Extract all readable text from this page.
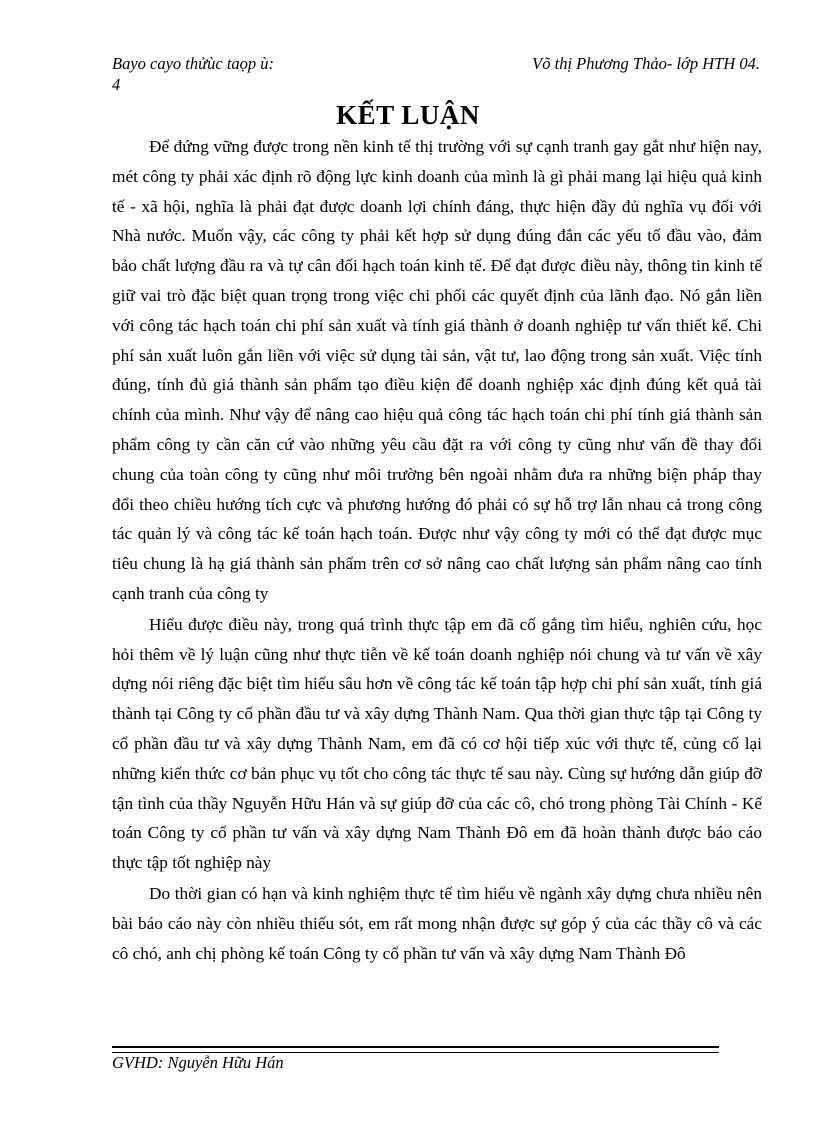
Bayo cayo thửùc taọp ù:	Võ thị Phương Thảo- lớp HTH 04.
4
KẾT LUẬN

Để đứng vững được trong nền kinh tế thị trường với sự cạnh tranh gay gắt như hiện nay, mét công ty phải xác định rõ động lực kinh doanh của mình là gì phải mang lại hiệu quả kinh tế - xã hội, nghĩa là phải đạt được doanh lợi chính đáng, thực hiện đầy đủ nghĩa vụ đối với Nhà nước. Muốn vậy, các công ty phải kết hợp sử dụng đúng đắn các yếu tố đầu vào, đảm bảo chất lượng đầu ra và tự cân đối hạch toán kinh tế. Để đạt được điều này, thông tin kinh tế giữ vai trò đặc biệt quan trọng trong việc chi phối các quyết định của lãnh đạo. Nó gắn liền với công tác hạch toán chi phí sản xuất và tính giá thành ở doanh nghiệp tư vấn thiết kế. Chi phí sản xuất luôn gắn liền với việc sử dụng tài sản, vật tư, lao động trong sản xuất. Việc tính đúng, tính đủ giá thành sản phẩm tạo điều kiện để doanh nghiệp xác định đúng kết quả tài chính của mình. Như vậy để nâng cao hiệu quả công tác hạch toán chi phí tính giá thành sản phẩm công ty cần căn cứ vào những yêu cầu đặt ra với công ty cũng như vấn đề thay đổi chung của toàn công ty cũng như môi trường bên ngoài nhằm đưa ra những biện pháp thay đổi theo chiều hướng tích cực và phương hướng đó phải có sự hỗ trợ lẫn nhau cả trong công tác quản lý và công tác kế toán hạch toán. Được như vậy công ty mới có thể đạt được mục tiêu chung là hạ giá thành sản phẩm trên cơ sở nâng cao chất lượng sản phẩm nâng cao tính cạnh tranh của công ty

Hiểu được điều này, trong quá trình thực tập em đã cố gắng tìm hiểu, nghiên cứu, học hỏi thêm về lý luận cũng như thực tiễn về kế toán doanh nghiệp nói chung và tư vấn về xây dựng nói riêng đặc biệt tìm hiểu sâu hơn về công tác kế toán tập hợp chi phí sản xuất, tính giá thành tại Công ty cổ phần đầu tư và xây dựng Thành Nam. Qua thời gian thực tập tại Công ty cổ phần đầu tư và xây dựng Thành Nam, em đã có cơ hội tiếp xúc với thực tế, củng cố lại những kiến thức cơ bản phục vụ tốt cho công tác thực tế sau này. Cùng sự hướng dẫn giúp đỡ tận tình của thầy Nguyễn Hữu Hán và sự giúp đỡ của các cô, chó trong phòng Tài Chính - Kế toán Công ty cổ phần tư vấn và xây dựng Nam Thành Đô em đã hoàn thành được báo cáo thực tập tốt nghiệp này

Do thời gian có hạn và kinh nghiệm thực tế tìm hiểu về ngành xây dựng chưa nhiều nên bài báo cáo này còn nhiều thiếu sót, em rất mong nhận được sự góp ý của các thầy cô và các cô chó, anh chị phòng kế toán Công ty cổ phần tư vấn và xây dựng Nam Thành Đô

GVHD: Nguyễn Hữu Hán
